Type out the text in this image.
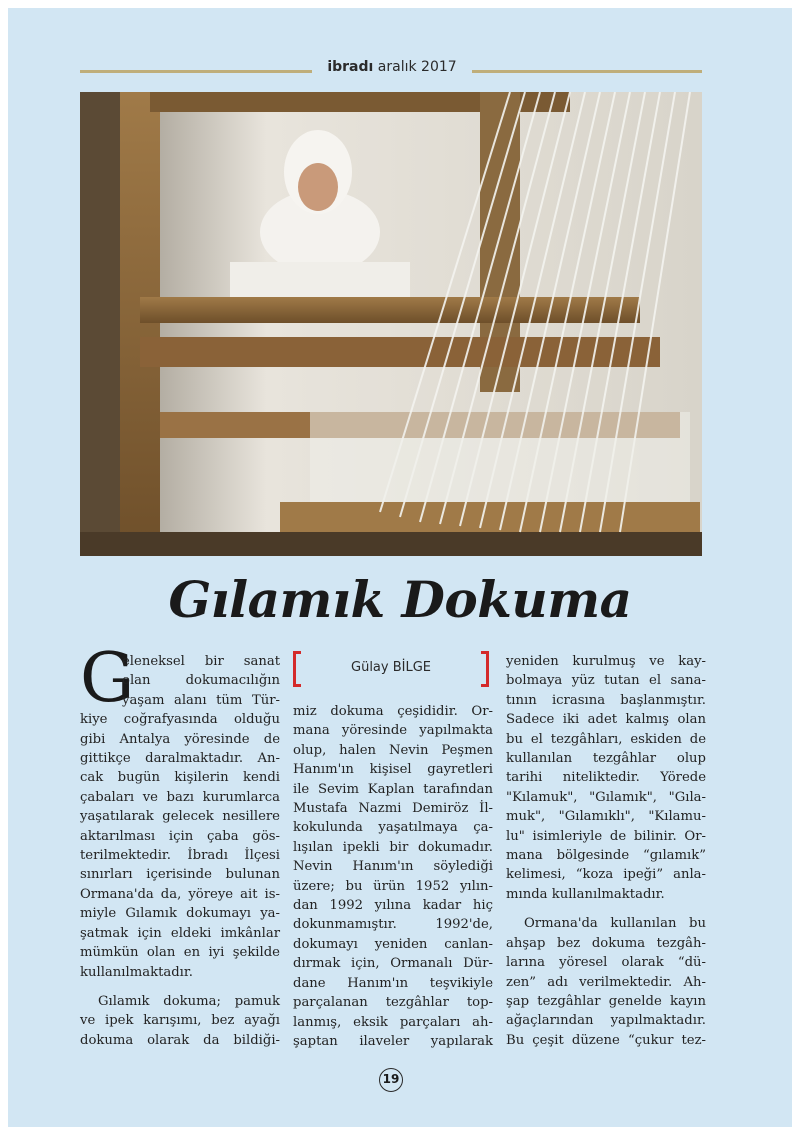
ibradı aralık 2017
Gılamık Dokuma
G
eleneksel bir sanat
olan dokumacılığın
yaşam alanı tüm Tür-
kiye coğrafyasında olduğu
gibi Antalya yöresinde de
gittikçe daralmaktadır. An-
cak bugün kişilerin kendi
çabaları ve bazı kurumlarca
yaşatılarak gelecek nesillere
aktarılması için çaba gös-
terilmektedir. İbradı İlçesi
sınırları içerisinde bulunan
Ormana'da da, yöreye ait is-
miyle Gılamık dokumayı ya-
şatmak için eldeki imkânlar
mümkün olan en iyi şekilde
kullanılmaktadır.
Gılamık dokuma; pamuk
ve ipek karışımı, bez ayağı
dokuma olarak da bildiği-
Gülay BİLGE
miz dokuma çeşididir. Or-
mana yöresinde yapılmakta
olup, halen Nevin Peşmen
Hanım'ın kişisel gayretleri
ile Sevim Kaplan tarafından
Mustafa Nazmi Demiröz İl-
kokulunda yaşatılmaya ça-
lışılan ipekli bir dokumadır.
Nevin Hanım'ın söylediği
üzere; bu ürün 1952 yılın-
dan 1992 yılına kadar hiç
dokunmamıştır. 1992'de,
dokumayı yeniden canlan-
dırmak için, Ormanalı Dür-
dane Hanım'ın teşvikiyle
parçalanan tezgâhlar top-
lanmış, eksik parçaları ah-
şaptan ilaveler yapılarak
yeniden kurulmuş ve kay-
bolmaya yüz tutan el sana-
tının icrasına başlanmıştır.
Sadece iki adet kalmış olan
bu el tezgâhları, eskiden de
kullanılan tezgâhlar olup
tarihi niteliktedir. Yörede
"Kılamuk", "Gılamık", "Gıla-
muk", "Gılamıklı", "Kılamu-
lu" isimleriyle de bilinir. Or-
mana bölgesinde “gılamık”
kelimesi, “koza ipeği” anla-
mında kullanılmaktadır.
Ormana'da kullanılan bu
ahşap bez dokuma tezgâh-
larına yöresel olarak “dü-
zen” adı verilmektedir. Ah-
şap tezgâhlar genelde kayın
ağaçlarından yapılmaktadır.
Bu çeşit düzene “çukur tez-
19
